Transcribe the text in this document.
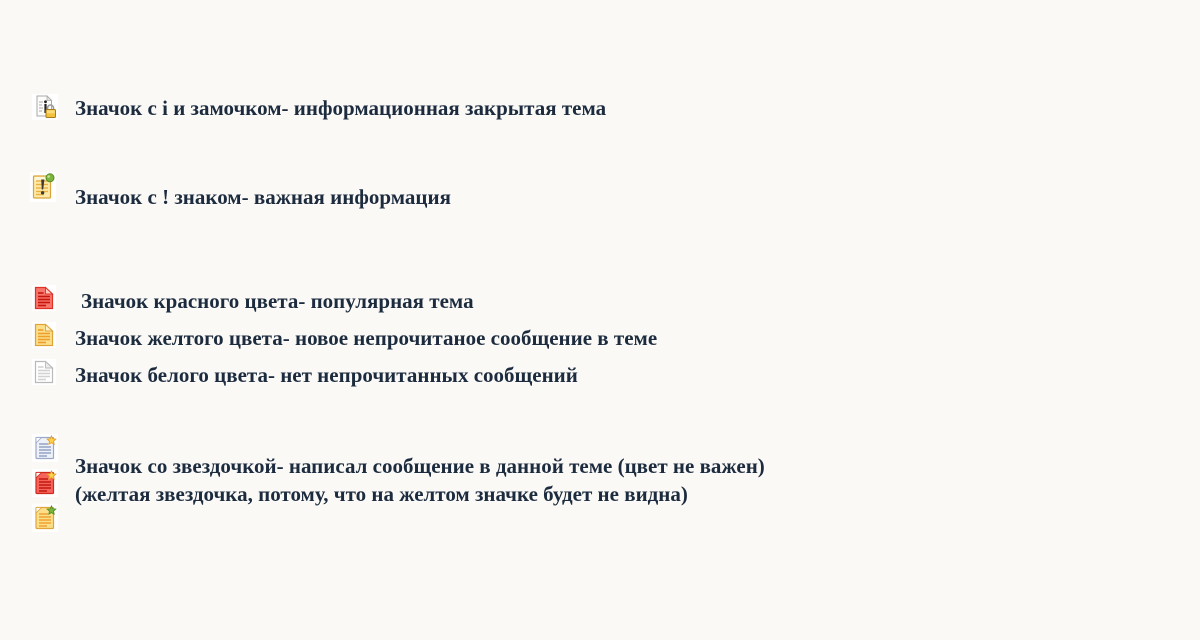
Значок с i и замочком- информационная закрытая тема
Значок с ! знаком- важная информация
Значок красного цвета- популярная тема
Значок желтого цвета- новое непрочитаное сообщение в теме
Значок белого цвета- нет непрочитанных сообщений
Значок со звездочкой- написал сообщение в данной теме (цвет не важен)
(желтая звездочка, потому, что на желтом значке будет не видна)
